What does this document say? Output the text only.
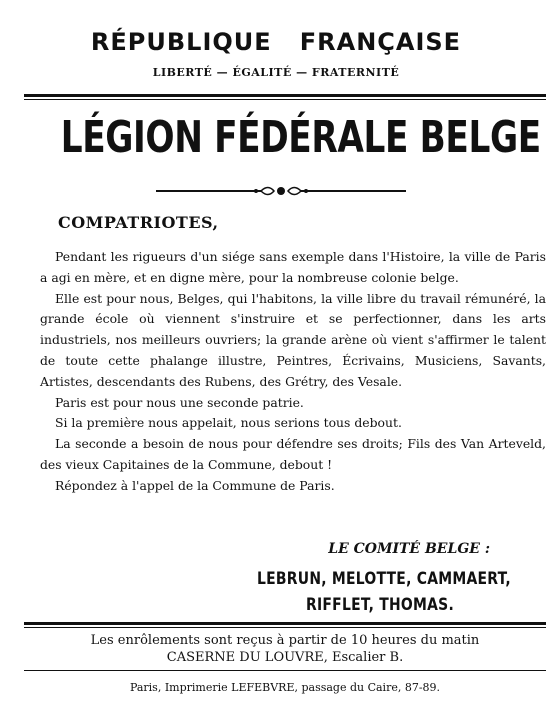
RÉPUBLIQUE   FRANÇAISE
LIBERTÉ — ÉGALITÉ — FRATERNITÉ
LÉGION FÉDÉRALE BELGE
COMPATRIOTES,

Pendant les rigueurs d'un siége sans exemple dans l'Histoire, la ville de Paris a agi en mère, et en digne mère, pour la nombreuse colonie belge.

Elle est pour nous, Belges, qui l'habitons, la ville libre du travail rémunéré, la grande école où viennent s'instruire et se perfectionner, dans les arts industriels, nos meilleurs ouvriers; la grande arène où vient s'affirmer le talent de toute cette phalange illustre, Peintres, Écrivains, Musiciens, Savants, Artistes, descendants des Rubens, des Grétry, des Vesale.

Paris est pour nous une seconde patrie.

Si la première nous appelait, nous serions tous debout.

La seconde a besoin de nous pour défendre ses droits; Fils des Van Arteveld, des vieux Capitaines de la Commune, debout !

Répondez à l'appel de la Commune de Paris.

LE COMITÉ BELGE :
LEBRUN, MELOTTE, CAMMAERT,
RIFFLET, THOMAS.
Les enrôlements sont reçus à partir de 10 heures du matin
CASERNE DU LOUVRE, Escalier B.
Paris, Imprimerie LEFEBVRE, passage du Caire, 87-89.
